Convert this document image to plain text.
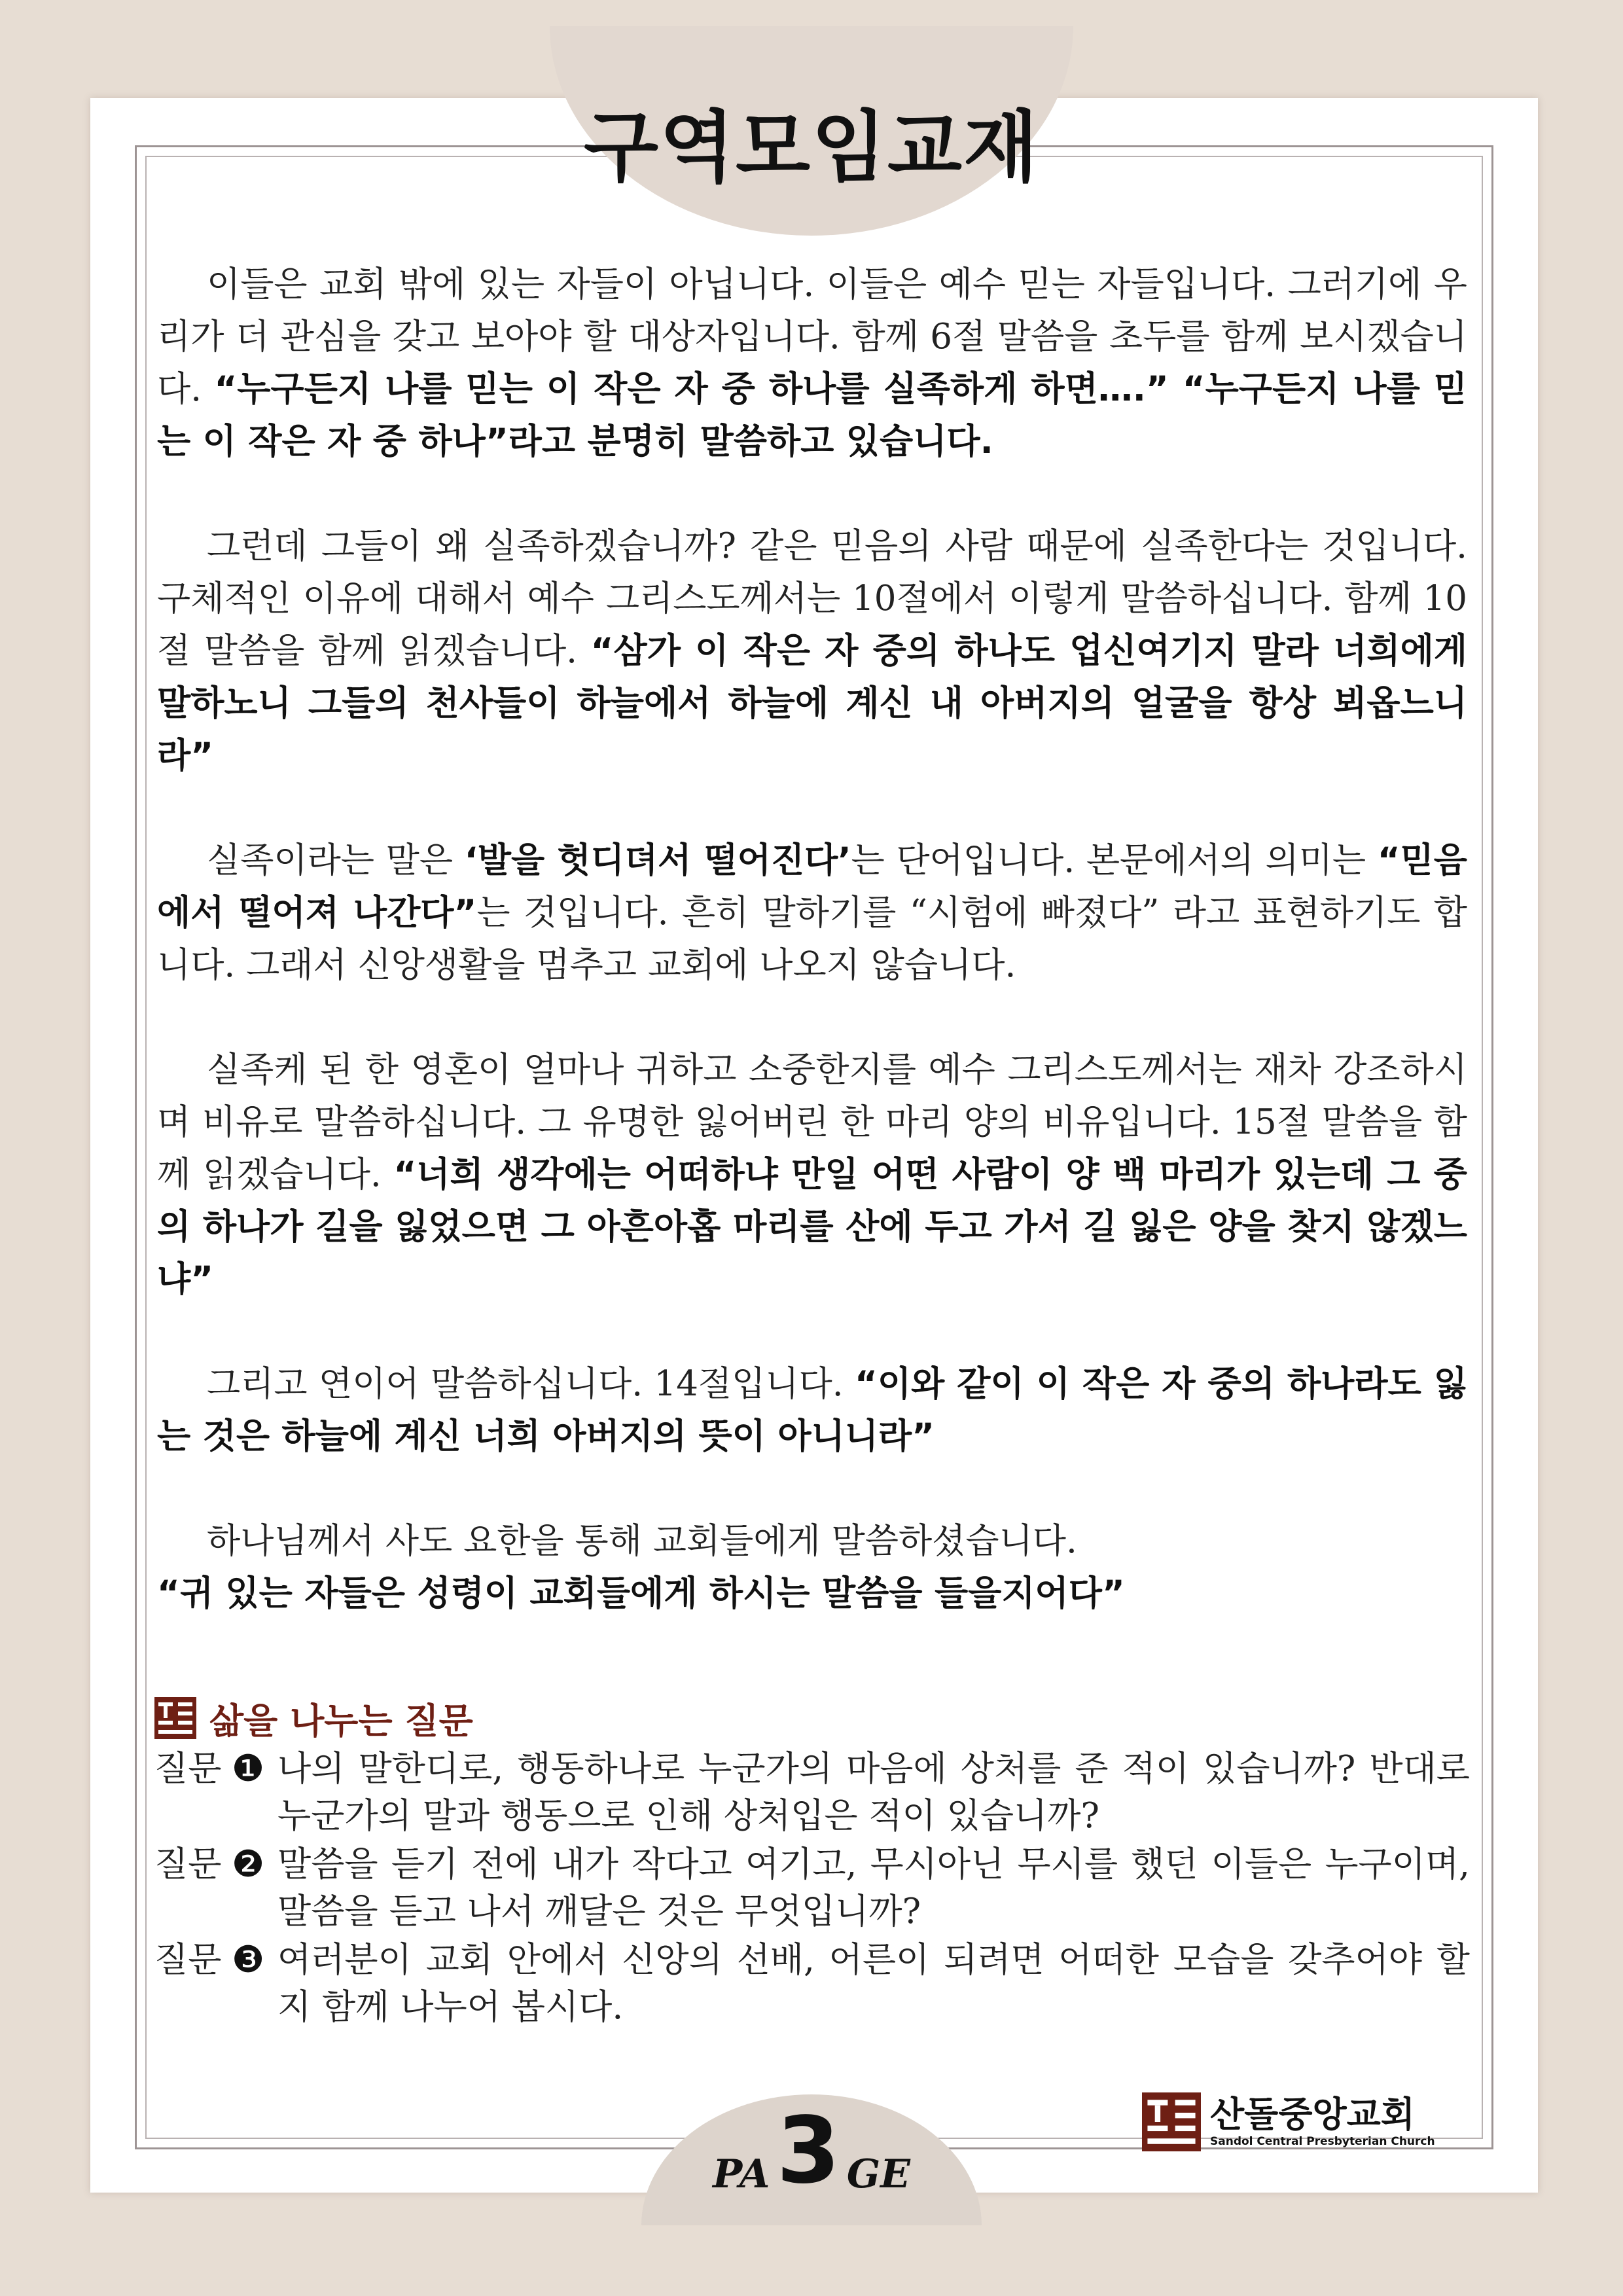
구역모임교재

이들은 교회 밖에 있는 자들이 아닙니다. 이들은 예수 믿는 자들입니다. 그러기에 우리가 더 관심을 갖고 보아야 할 대상자입니다. 함께 6절 말씀을 초두를 함께 보시겠습니다. “누구든지 나를 믿는 이 작은 자 중 하나를 실족하게 하면….” “누구든지 나를 믿는 이 작은 자 중 하나”라고 분명히 말씀하고 있습니다.

그런데 그들이 왜 실족하겠습니까? 같은 믿음의 사람 때문에 실족한다는 것입니다. 구체적인 이유에 대해서 예수 그리스도께서는 10절에서 이렇게 말씀하십니다. 함께 10절 말씀을 함께 읽겠습니다. “삼가 이 작은 자 중의 하나도 업신여기지 말라 너희에게 말하노니 그들의 천사들이 하늘에서 하늘에 계신 내 아버지의 얼굴을 항상 뵈옵느니라”

실족이라는 말은 ‘발을 헛디뎌서 떨어진다’는 단어입니다. 본문에서의 의미는 “믿음에서 떨어져 나간다”는 것입니다. 흔히 말하기를 “시험에 빠졌다” 라고 표현하기도 합니다. 그래서 신앙생활을 멈추고 교회에 나오지 않습니다.

실족케 된 한 영혼이 얼마나 귀하고 소중한지를 예수 그리스도께서는 재차 강조하시며 비유로 말씀하십니다. 그 유명한 잃어버린 한 마리 양의 비유입니다. 15절 말씀을 함께 읽겠습니다. “너희 생각에는 어떠하냐 만일 어떤 사람이 양 백 마리가 있는데 그 중의 하나가 길을 잃었으면 그 아흔아홉 마리를 산에 두고 가서 길 잃은 양을 찾지 않겠느냐”

그리고 연이어 말씀하십니다. 14절입니다. “이와 같이 이 작은 자 중의 하나라도 잃는 것은 하늘에 계신 너희 아버지의 뜻이 아니니라”

하나님께서 사도 요한을 통해 교회들에게 말씀하셨습니다.
“귀 있는 자들은 성령이 교회들에게 하시는 말씀을 들을지어다”

삶을 나누는 질문
질문 ❶ 나의 말한디로, 행동하나로 누군가의 마음에 상처를 준 적이 있습니까? 반대로 누군가의 말과 행동으로 인해 상처입은 적이 있습니까?
질문 ❷ 말씀을 듣기 전에 내가 작다고 여기고, 무시아닌 무시를 했던 이들은 누구이며, 말씀을 듣고 나서 깨달은 것은 무엇입니까?
질문 ❸ 여러분이 교회 안에서 신앙의 선배, 어른이 되려면 어떠한 모습을 갖추어야 할지 함께 나누어 봅시다.
산돌중앙교회
Sandol Central Presbyterian Church
PA 3 GE
